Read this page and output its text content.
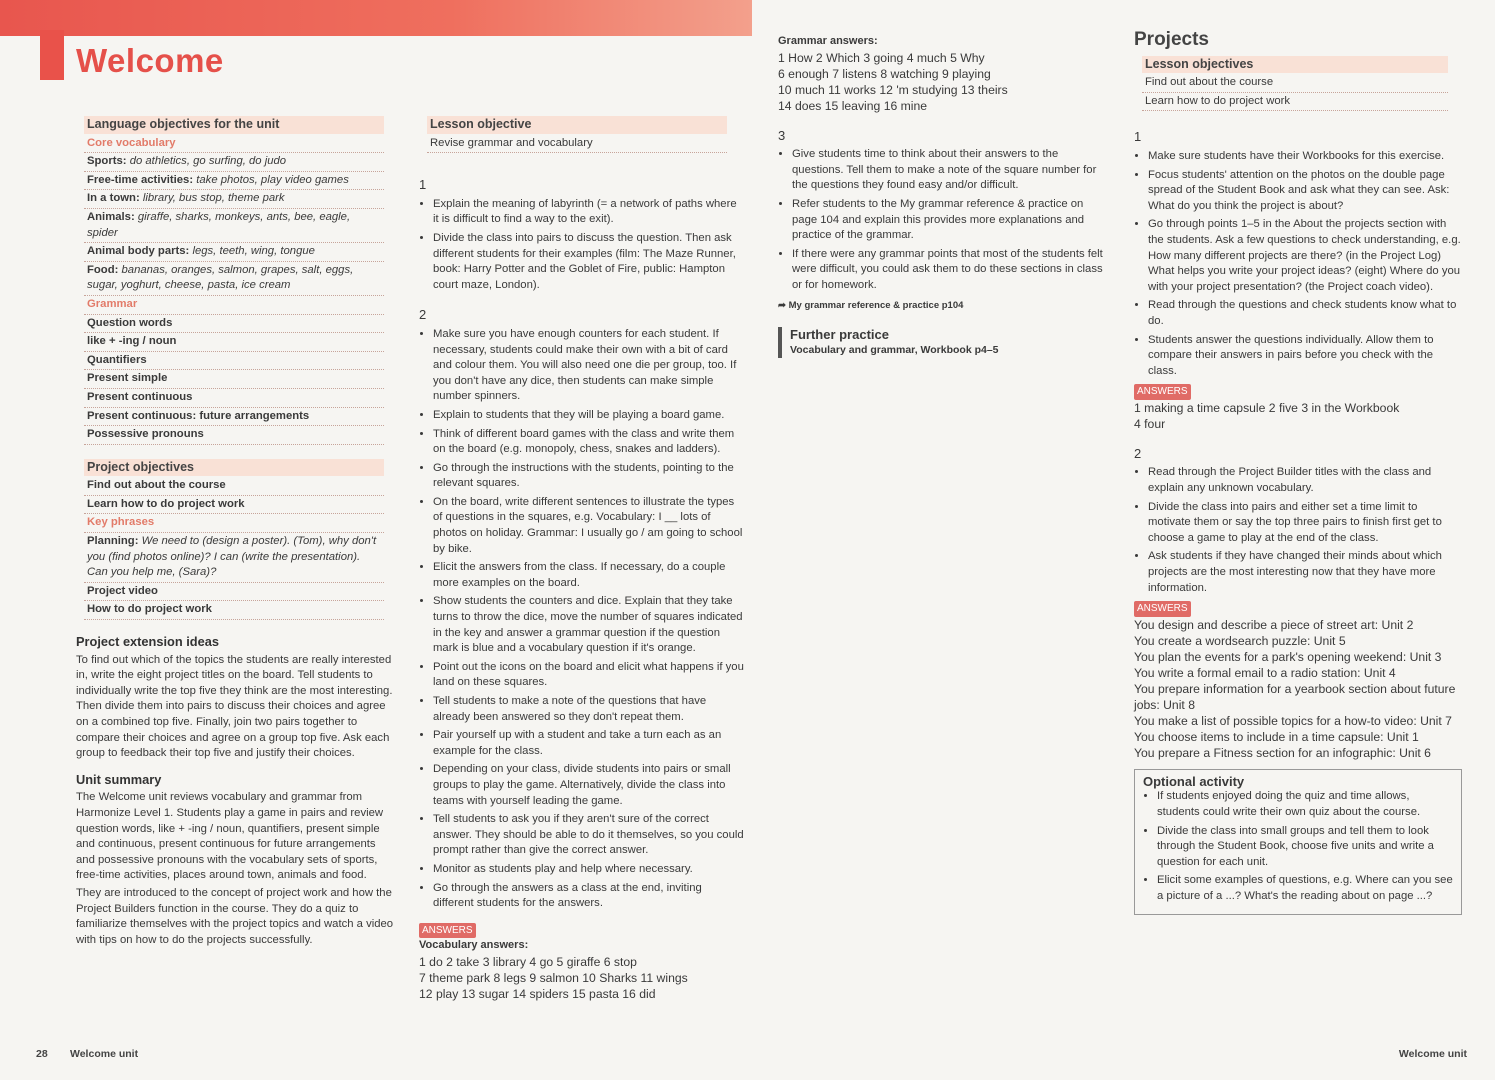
Welcome
Language objectives for the unit
Core vocabulary
Sports: do athletics, go surfing, do judo
Free-time activities: take photos, play video games
In a town: library, bus stop, theme park
Animals: giraffe, sharks, monkeys, ants, bee, eagle, spider
Animal body parts: legs, teeth, wing, tongue
Food: bananas, oranges, salmon, grapes, salt, eggs, sugar, yoghurt, cheese, pasta, ice cream
Grammar
Question words
like + -ing / noun
Quantifiers
Present simple
Present continuous
Present continuous: future arrangements
Possessive pronouns
Project objectives
Find out about the course
Learn how to do project work
Key phrases
Planning: We need to (design a poster). (Tom), why don't you (find photos online)? I can (write the presentation). Can you help me, (Sara)?
Project video
How to do project work
Project extension ideas

To find out which of the topics the students are really interested in, write the eight project titles on the board. Tell students to individually write the top five they think are the most interesting. Then divide them into pairs to discuss their choices and agree on a combined top five. Finally, join two pairs together to compare their choices and agree on a group top five. Ask each group to feedback their top five and justify their choices.

Unit summary

The Welcome unit reviews vocabulary and grammar from Harmonize Level 1. Students play a game in pairs and review question words, like + -ing / noun, quantifiers, present simple and continuous, present continuous for future arrangements and possessive pronouns with the vocabulary sets of sports, free-time activities, places around town, animals and food.

They are introduced to the concept of project work and how the Project Builders function in the course. They do a quiz to familiarize themselves with the project topics and watch a video with tips on how to do the projects successfully.

Lesson objective
Revise grammar and vocabulary
1
• Explain the meaning of labyrinth (= a network of paths where it is difficult to find a way to the exit).
• Divide the class into pairs to discuss the question. Then ask different students for their examples (film: The Maze Runner, book: Harry Potter and the Goblet of Fire, public: Hampton court maze, London).
2
• Make sure you have enough counters for each student. If necessary, students could make their own with a bit of card and colour them. You will also need one die per group, too. If you don't have any dice, then students can make simple number spinners.
• Explain to students that they will be playing a board game.
• Think of different board games with the class and write them on the board (e.g. monopoly, chess, snakes and ladders).
• Go through the instructions with the students, pointing to the relevant squares.
• On the board, write different sentences to illustrate the types of questions in the squares, e.g. Vocabulary: I __ lots of photos on holiday. Grammar: I usually go / am going to school by bike.
• Elicit the answers from the class. If necessary, do a couple more examples on the board.
• Show students the counters and dice. Explain that they take turns to throw the dice, move the number of squares indicated in the key and answer a grammar question if the question mark is blue and a vocabulary question if it's orange.
• Point out the icons on the board and elicit what happens if you land on these squares.
• Tell students to make a note of the questions that have already been answered so they don't repeat them.
• Pair yourself up with a student and take a turn each as an example for the class.
• Depending on your class, divide students into pairs or small groups to play the game. Alternatively, divide the class into teams with yourself leading the game.
• Tell students to ask you if they aren't sure of the correct answer. They should be able to do it themselves, so you could prompt rather than give the correct answer.
• Monitor as students play and help where necessary.
• Go through the answers as a class at the end, inviting different students for the answers.
ANSWERS
Vocabulary answers:
1 do 2 take 3 library 4 go 5 giraffe 6 stop
7 theme park 8 legs 9 salmon 10 Sharks 11 wings
12 play 13 sugar 14 spiders 15 pasta 16 did
Grammar answers:
1 How 2 Which 3 going 4 much 5 Why
6 enough 7 listens 8 watching 9 playing
10 much 11 works 12 'm studying 13 theirs
14 does 15 leaving 16 mine
3
• Give students time to think about their answers to the questions. Tell them to make a note of the square number for the questions they found easy and/or difficult.
• Refer students to the My grammar reference & practice on page 104 and explain this provides more explanations and practice of the grammar.
• If there were any grammar points that most of the students felt were difficult, you could ask them to do these sections in class or for homework.
➦ My grammar reference & practice p104
Further practice
Vocabulary and grammar, Workbook p4–5
Projects
Lesson objectives
Find out about the course
Learn how to do project work
1
• Make sure students have their Workbooks for this exercise.
• Focus students' attention on the photos on the double page spread of the Student Book and ask what they can see. Ask: What do you think the project is about?
• Go through points 1–5 in the About the projects section with the students. Ask a few questions to check understanding, e.g. How many different projects are there? (in the Project Log) What helps you write your project ideas? (eight) Where do you with your project presentation? (the Project coach video).
• Read through the questions and check students know what to do.
• Students answer the questions individually. Allow them to compare their answers in pairs before you check with the class.
ANSWERS
1 making a time capsule 2 five 3 in the Workbook
4 four
2
• Read through the Project Builder titles with the class and explain any unknown vocabulary.
• Divide the class into pairs and either set a time limit to motivate them or say the top three pairs to finish first get to choose a game to play at the end of the class.
• Ask students if they have changed their minds about which projects are the most interesting now that they have more information.
ANSWERS
You design and describe a piece of street art: Unit 2
You create a wordsearch puzzle: Unit 5
You plan the events for a park's opening weekend: Unit 3
You write a formal email to a radio station: Unit 4
You prepare information for a yearbook section about future jobs: Unit 8
You make a list of possible topics for a how-to video: Unit 7
You choose items to include in a time capsule: Unit 1
You prepare a Fitness section for an infographic: Unit 6
Optional activity
• If students enjoyed doing the quiz and time allows, students could write their own quiz about the course.
• Divide the class into small groups and tell them to look through the Student Book, choose five units and write a question for each unit.
• Elicit some examples of questions, e.g. Where can you see a picture of a ...? What's the reading about on page ...?
28 Welcome unit	Welcome unit
